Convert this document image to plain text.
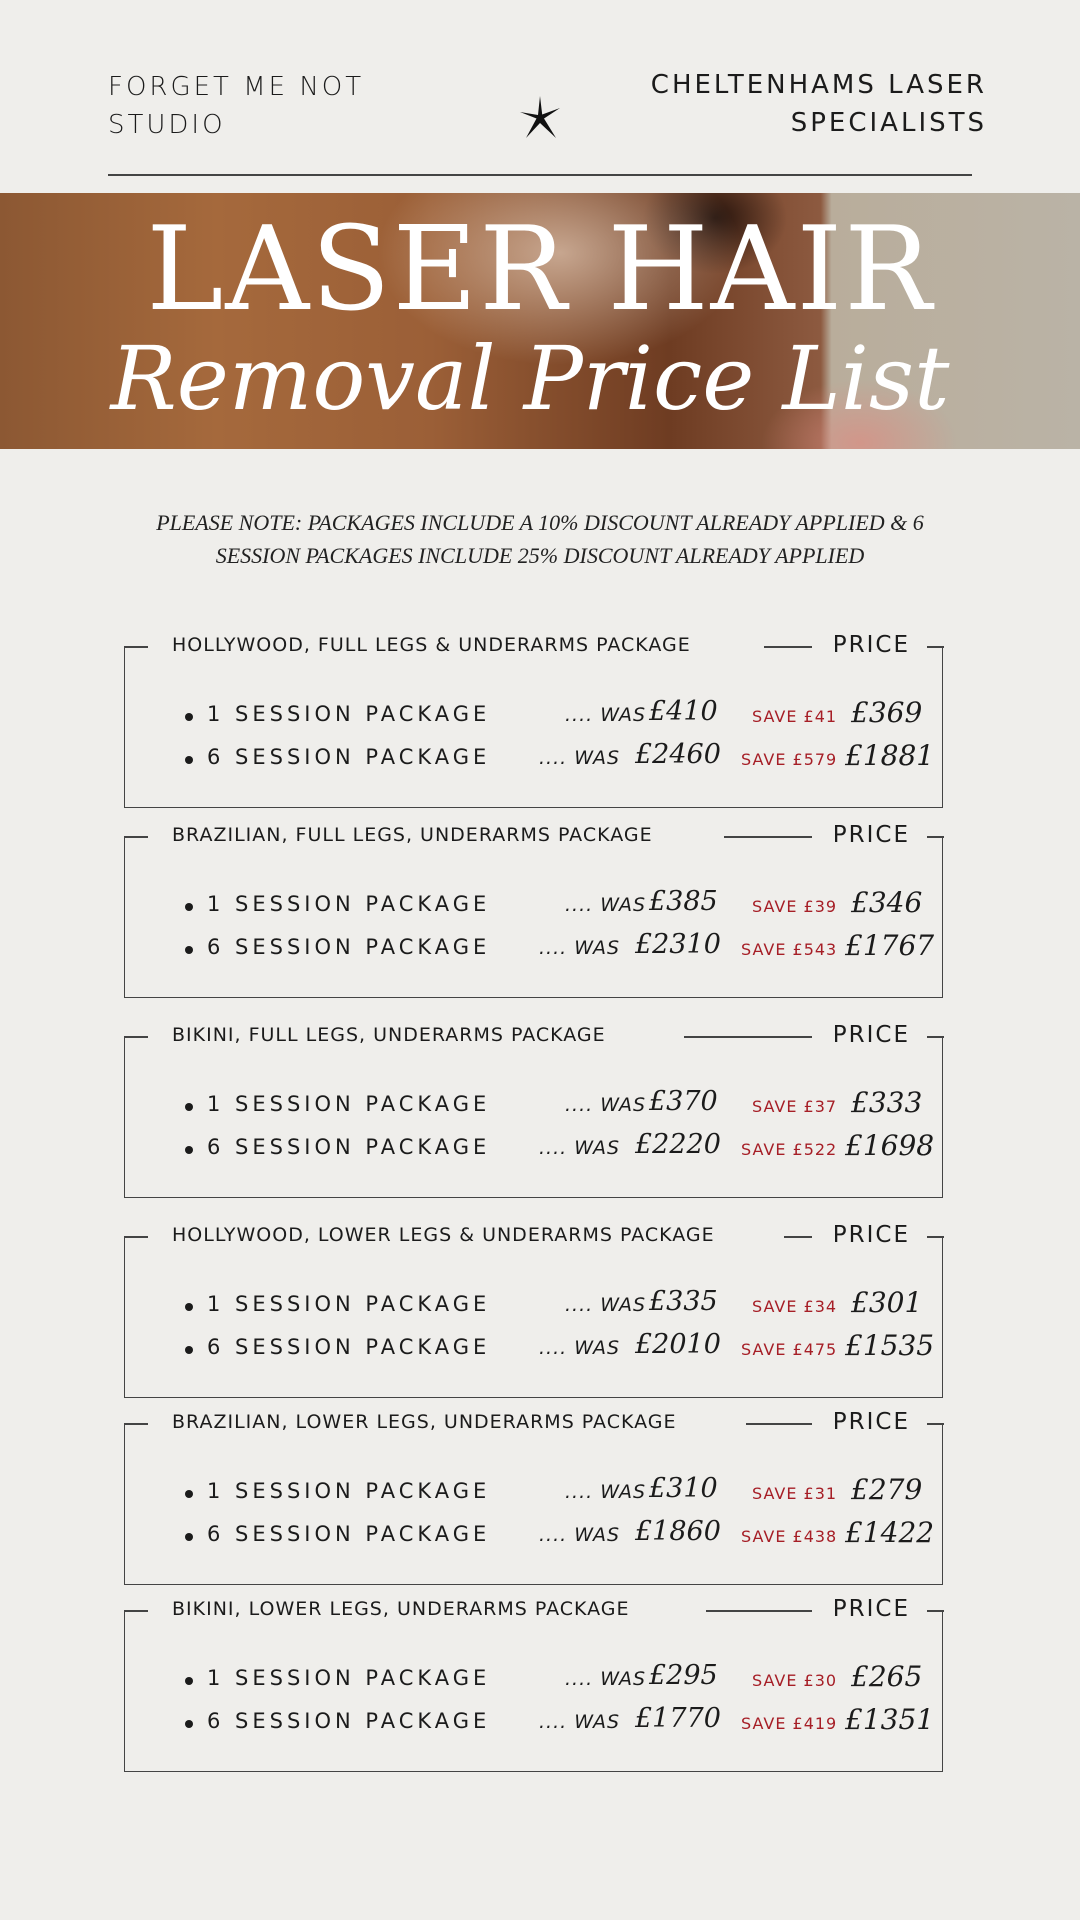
FORGET ME NOT
STUDIO
CHELTENHAMS LASER
SPECIALISTS
LASER HAIR
Removal Price List
PLEASE NOTE: PACKAGES INCLUDE A 10% DISCOUNT ALREADY APPLIED & 6
SESSION PACKAGES INCLUDE 25% DISCOUNT ALREADY APPLIED
HOLLYWOOD, FULL LEGS & UNDERARMS PACKAGE	PRICE
1 SESSION PACKAGE	.... WAS £410 SAVE £41 £369
6 SESSION PACKAGE	.... WAS £2460 SAVE £579 £1881
BRAZILIAN, FULL LEGS, UNDERARMS PACKAGE	PRICE
1 SESSION PACKAGE	.... WAS £385 SAVE £39 £346
6 SESSION PACKAGE	.... WAS £2310 SAVE £543 £1767
BIKINI, FULL LEGS, UNDERARMS PACKAGE	PRICE
1 SESSION PACKAGE	.... WAS £370 SAVE £37 £333
6 SESSION PACKAGE	.... WAS £2220 SAVE £522 £1698
HOLLYWOOD, LOWER LEGS & UNDERARMS PACKAGE	PRICE
1 SESSION PACKAGE	.... WAS £335 SAVE £34 £301
6 SESSION PACKAGE	.... WAS £2010 SAVE £475 £1535
BRAZILIAN, LOWER LEGS, UNDERARMS PACKAGE	PRICE
1 SESSION PACKAGE	.... WAS £310 SAVE £31 £279
6 SESSION PACKAGE	.... WAS £1860 SAVE £438 £1422
BIKINI, LOWER LEGS, UNDERARMS PACKAGE	PRICE
1 SESSION PACKAGE	.... WAS £295 SAVE £30 £265
6 SESSION PACKAGE	.... WAS £1770 SAVE £419 £1351
